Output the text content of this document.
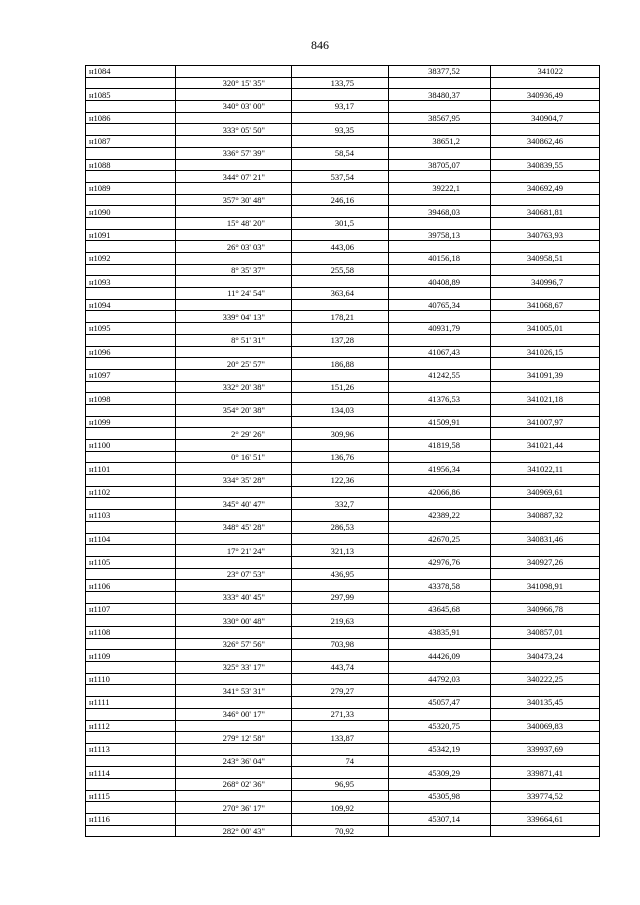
846
н1084			38377,52	341022
	320° 15' 35"	133,75		
н1085			38480,37	340936,49
	340° 03' 00"	93,17		
н1086			38567,95	340904,7
	333° 05' 50"	93,35		
н1087			38651,2	340862,46
	336° 57' 39"	58,54		
н1088			38705,07	340839,55
	344° 07' 21"	537,54		
н1089			39222,1	340692,49
	357° 30' 48"	246,16		
н1090			39468,03	340681,81
	15° 48' 20"	301,5		
н1091			39758,13	340763,93
	26° 03' 03"	443,06		
н1092			40156,18	340958,51
	8° 35' 37"	255,58		
н1093			40408,89	340996,7
	11° 24' 54"	363,64		
н1094			40765,34	341068,67
	339° 04' 13"	178,21		
н1095			40931,79	341005,01
	8° 51' 31"	137,28		
н1096			41067,43	341026,15
	20° 25' 57"	186,88		
н1097			41242,55	341091,39
	332° 20' 38"	151,26		
н1098			41376,53	341021,18
	354° 20' 38"	134,03		
н1099			41509,91	341007,97
	2° 29' 26"	309,96		
н1100			41819,58	341021,44
	0° 16' 51"	136,76		
н1101			41956,34	341022,11
	334° 35' 28"	122,36		
н1102			42066,86	340969,61
	345° 40' 47"	332,7		
н1103			42389,22	340887,32
	348° 45' 28"	286,53		
н1104			42670,25	340831,46
	17° 21' 24"	321,13		
н1105			42976,76	340927,26
	23° 07' 53"	436,95		
н1106			43378,58	341098,91
	333° 40' 45"	297,99		
н1107			43645,68	340966,78
	330° 00' 48"	219,63		
н1108			43835,91	340857,01
	326° 57' 56"	703,98		
н1109			44426,09	340473,24
	325° 33' 17"	443,74		
н1110			44792,03	340222,25
	341° 53' 31"	279,27		
н1111			45057,47	340135,45
	346° 00' 17"	271,33		
н1112			45320,75	340069,83
	279° 12' 58"	133,87		
н1113			45342,19	339937,69
	243° 36' 04"	74		
н1114			45309,29	339871,41
	268° 02' 36"	96,95		
н1115			45305,98	339774,52
	270° 36' 17"	109,92		
н1116			45307,14	339664,61
	282° 00' 43"	70,92		
